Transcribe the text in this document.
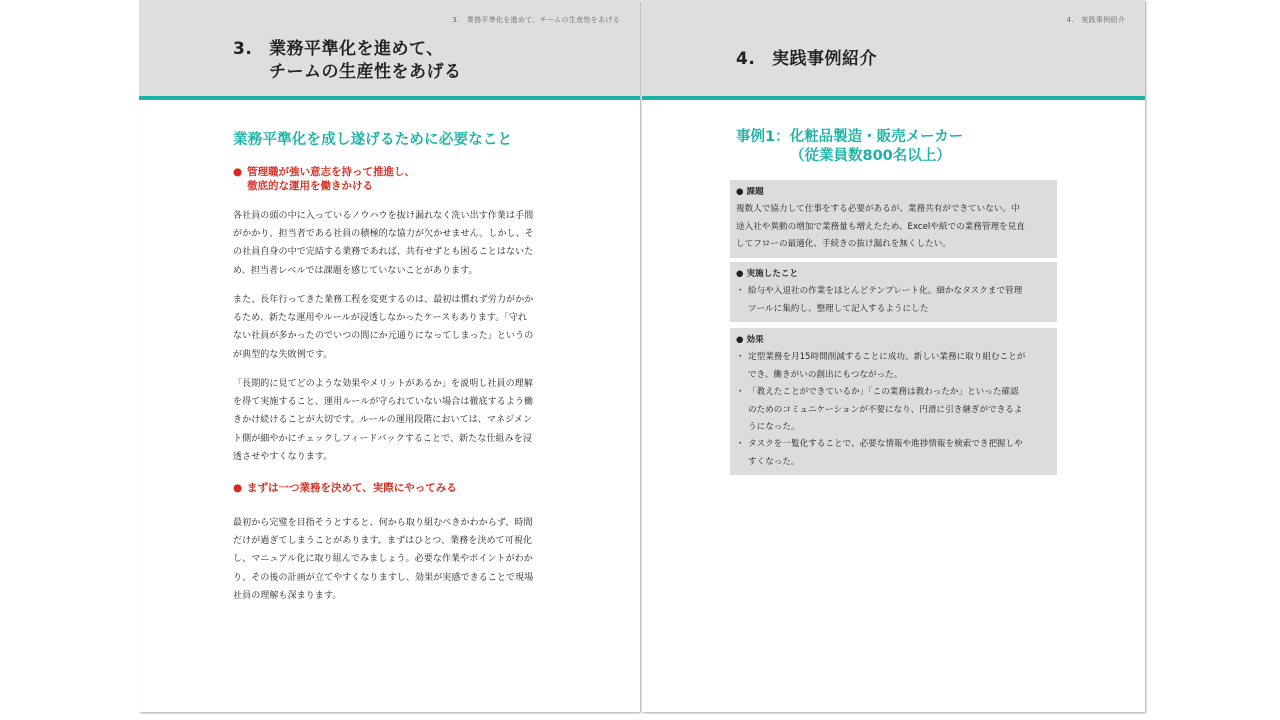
3.　業務平準化を進めて、チームの生産性をあげる
3. 業務平準化を進めて、
チームの生産性をあげる
業務平準化を成し遂げるために必要なこと
● 管理職が強い意志を持って推進し、
徹底的な運用を働きかける
各社員の頭の中に入っているノウハウを抜け漏れなく洗い出す作業は手間
がかかり、担当者である社員の積極的な協力が欠かせません。しかし、そ
の社員自身の中で完結する業務であれば、共有せずとも困ることはないた
め、担当者レベルでは課題を感じていないことがあります。
また、長年行ってきた業務工程を変更するのは、最初は慣れず労力がかか
るため、新たな運用やルールが浸透しなかったケースもあります。「守れ
ない社員が多かったのでいつの間にか元通りになってしまった」というの
が典型的な失敗例です。
「長期的に見てどのような効果やメリットがあるか」を説明し社員の理解
を得て実施すること、運用ルールが守られていない場合は徹底するよう働
きかけ続けることが大切です。ルールの運用段階においては、マネジメン
ト側が細やかにチェックしフィードバックすることで、新たな仕組みを浸
透させやすくなります。
● まずは一つ業務を決めて、実際にやってみる
最初から完璧を目指そうとすると、何から取り組むべきかわからず、時間
だけが過ぎてしまうことがあります。まずはひとつ、業務を決めて可視化
し、マニュアル化に取り組んでみましょう。必要な作業やポイントがわか
り、その後の計画が立てやすくなりますし、効果が実感できることで現場
社員の理解も深まります。
4.　実践事例紹介
4. 実践事例紹介
事例1：化粧品製造・販売メーカー
（従業員数800名以上）
● 課題
複数人で協力して仕事をする必要があるが、業務共有ができていない。中
途入社や異動の増加で業務量も増えたため、Excelや紙での業務管理を見直
してフローの最適化、手続きの抜け漏れを無くしたい。
● 実施したこと
・ 給与や入退社の作業をほとんどテンプレート化。細かなタスクまで管理
ツールに集約し、整理して記入するようにした
● 効果
・ 定型業務を月15時間削減することに成功。新しい業務に取り組むことが
でき、働きがいの創出にもつながった。
・ 「教えたことができているか」「この業務は教わったか」といった確認
のためのコミュニケーションが不要になり、円滑に引き継ぎができるよ
うになった。
・ タスクを一覧化することで、必要な情報や進捗情報を検索でき把握しや
すくなった。
